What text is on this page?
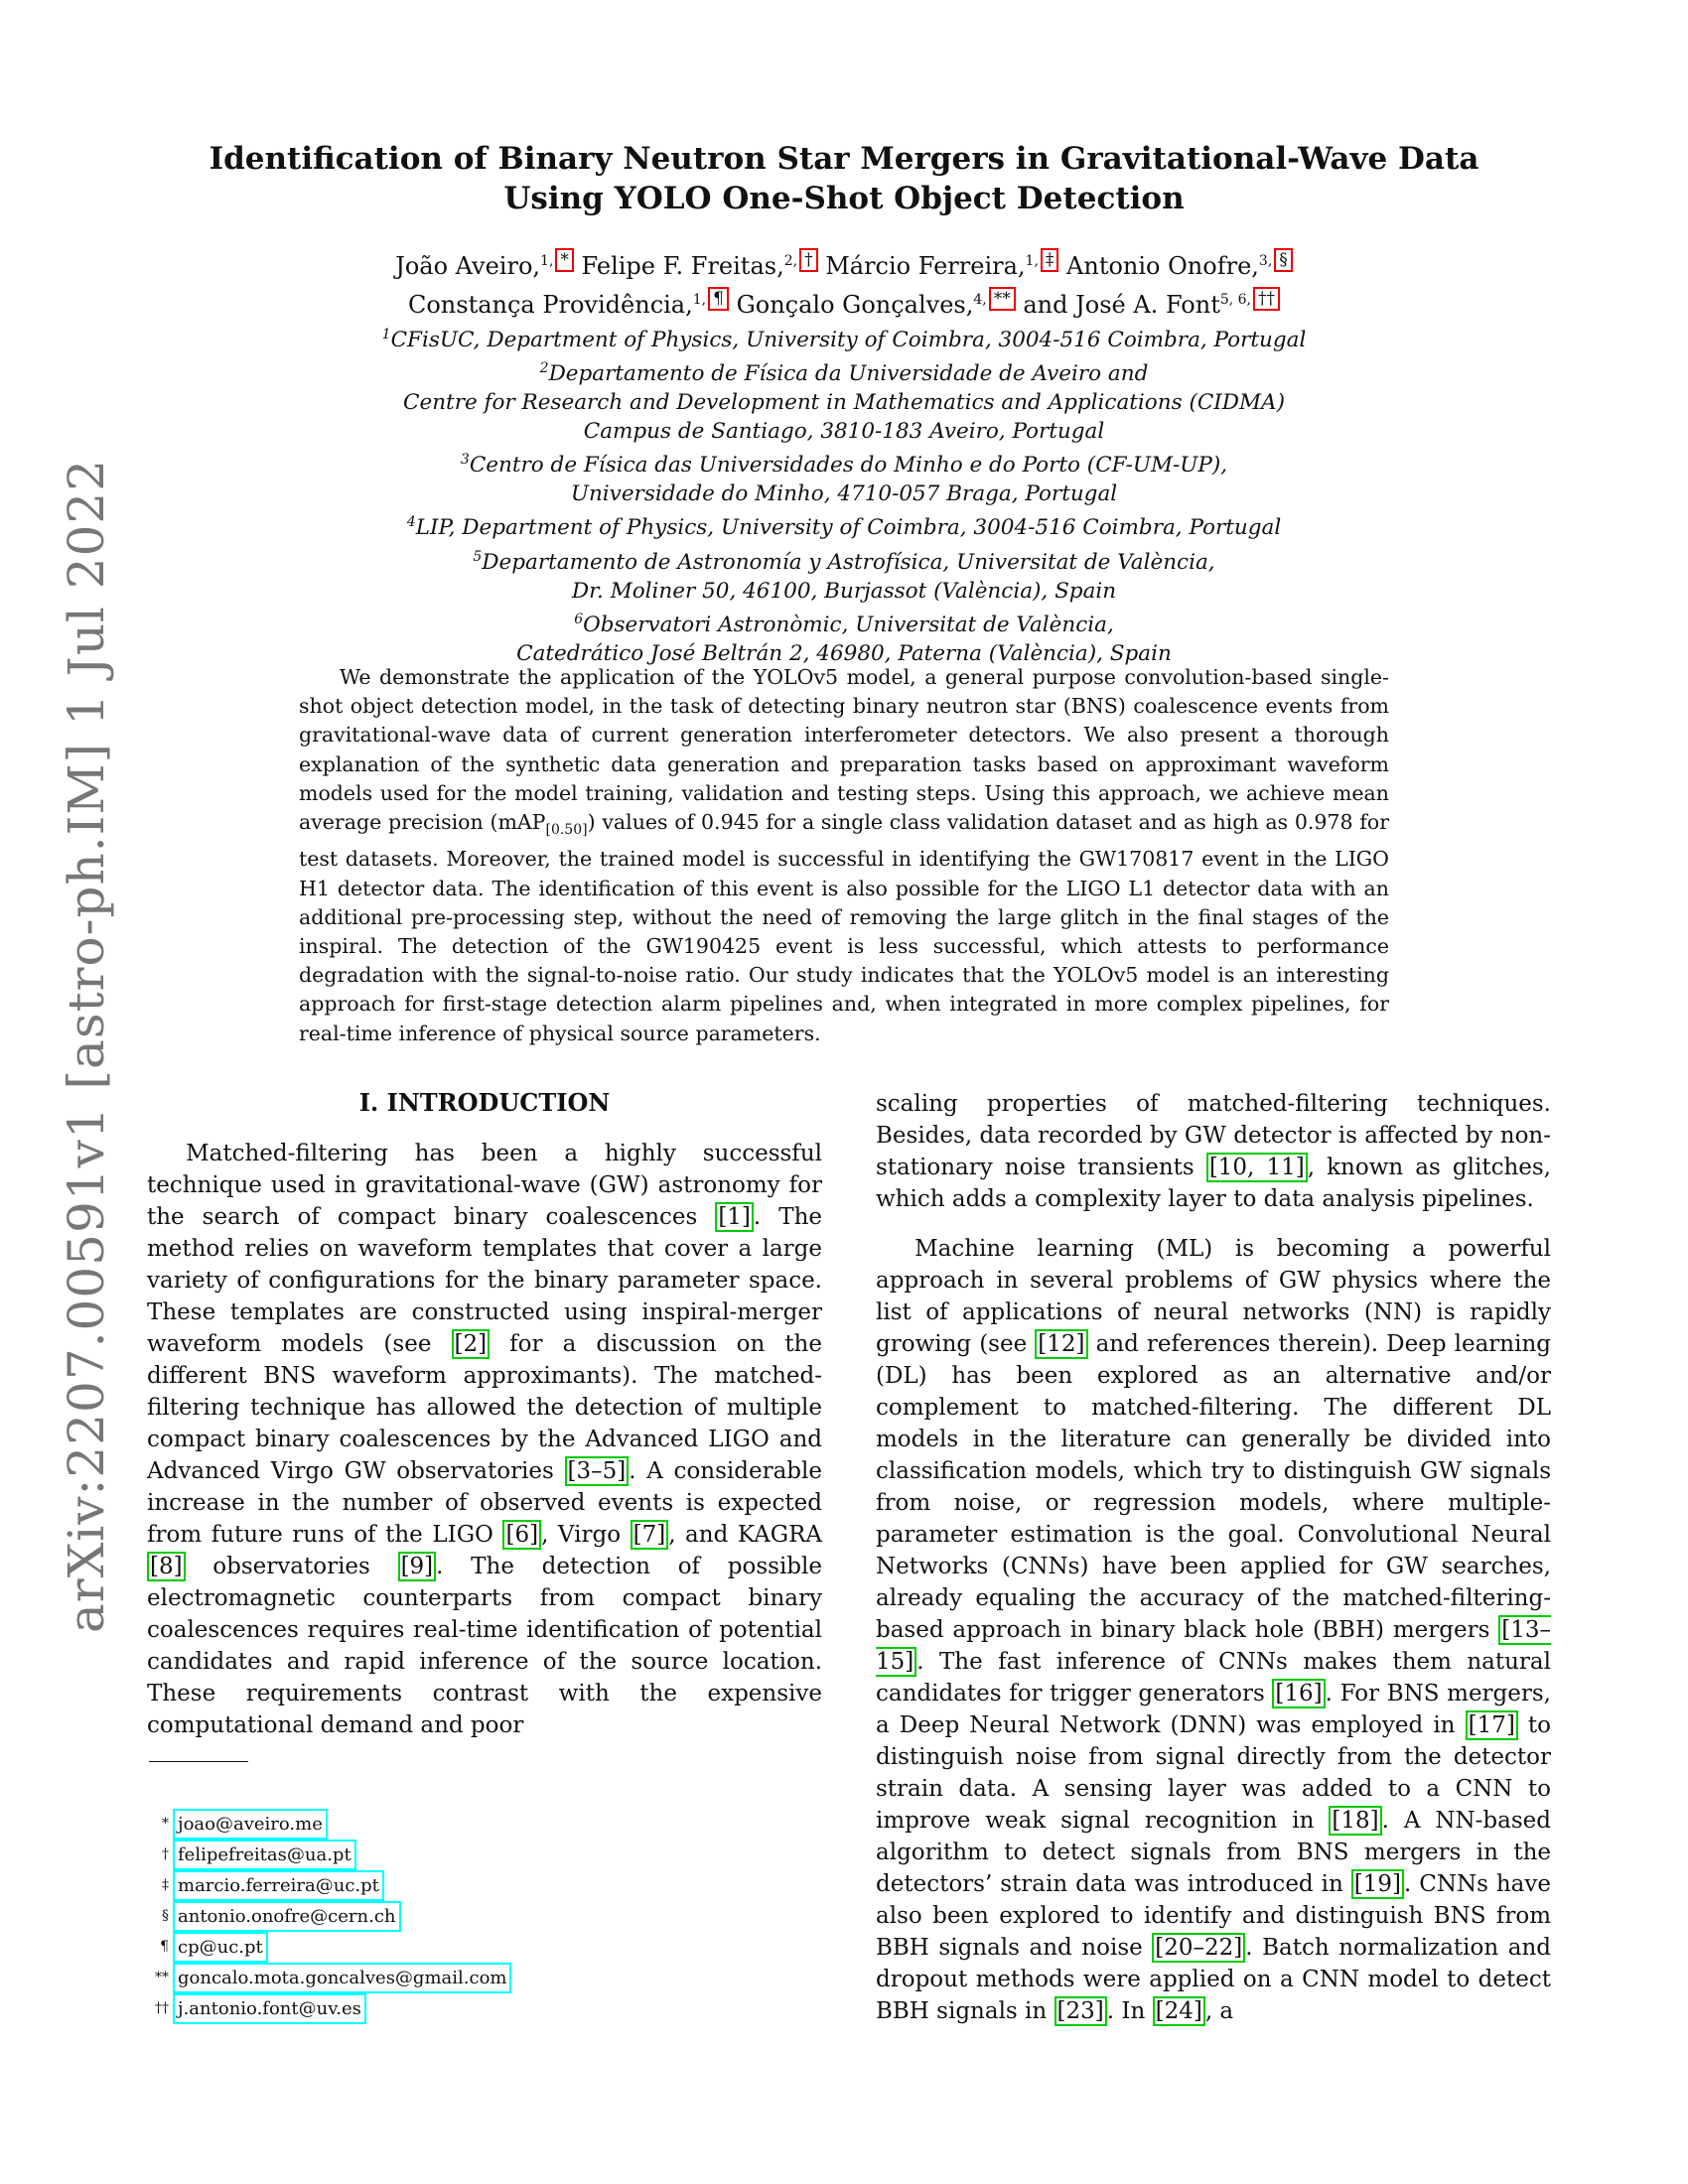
arXiv:2207.00591v1 [astro-ph.IM] 1 Jul 2022
Identification of Binary Neutron Star Mergers in Gravitational-Wave Data
Using YOLO One-Shot Object Detection
João Aveiro,$^{1,}$ * Felipe F. Freitas,$^{2,}$ † Márcio Ferreira,$^{1,}$ ‡ Antonio Onofre,$^{3,}$ §
Constança Providência,$^{1,}$ ¶ Gonçalo Gonçalves,$^{4,}$ ** and José A. Font$^{5, 6,}$ ††
$^1$CFisUC, Department of Physics, University of Coimbra, 3004-516 Coimbra, Portugal
$^2$Departamento de Física da Universidade de Aveiro and
Centre for Research and Development in Mathematics and Applications (CIDMA)
Campus de Santiago, 3810-183 Aveiro, Portugal
$^3$Centro de Física das Universidades do Minho e do Porto (CF-UM-UP),
Universidade do Minho, 4710-057 Braga, Portugal
$^4$LIP, Department of Physics, University of Coimbra, 3004-516 Coimbra, Portugal
$^5$Departamento de Astronomía y Astrofísica, Universitat de València,
Dr. Moliner 50, 46100, Burjassot (València), Spain
$^6$Observatori Astronòmic, Universitat de València,
Catedrático José Beltrán 2, 46980, Paterna (València), Spain

We demonstrate the application of the YOLOv5 model, a general purpose convolution-based single-shot object detection model, in the task of detecting binary neutron star (BNS) coalescence events from gravitational-wave data of current generation interferometer detectors. We also present a thorough explanation of the synthetic data generation and preparation tasks based on approximant waveform models used for the model training, validation and testing steps. Using this approach, we achieve mean average precision (mAP$_{[0.50]}$) values of 0.945 for a single class validation dataset and as high as 0.978 for test datasets. Moreover, the trained model is successful in identifying the GW170817 event in the LIGO H1 detector data. The identification of this event is also possible for the LIGO L1 detector data with an additional pre-processing step, without the need of removing the large glitch in the final stages of the inspiral. The detection of the GW190425 event is less successful, which attests to performance degradation with the signal-to-noise ratio. Our study indicates that the YOLOv5 model is an interesting approach for first-stage detection alarm pipelines and, when integrated in more complex pipelines, for real-time inference of physical source parameters.

I. INTRODUCTION

Matched-filtering has been a highly successful technique used in gravitational-wave (GW) astronomy for the search of compact binary coalescences [1] . The method relies on waveform templates that cover a large variety of configurations for the binary parameter space. These templates are constructed using inspiral-merger waveform models (see [2] for a discussion on the different BNS waveform approximants). The matched-filtering technique has allowed the detection of multiple compact binary coalescences by the Advanced LIGO and Advanced Virgo GW observatories [3–5] . A considerable increase in the number of observed events is expected from future runs of the LIGO [6] , Virgo [7] , and KAGRA [8] observatories [9] . The detection of possible electromagnetic counterparts from compact binary coalescences requires real-time identification of potential candidates and rapid inference of the source location. These requirements contrast with the expensive computational demand and poor

scaling properties of matched-filtering techniques. Besides, data recorded by GW detector is affected by non-stationary noise transients [10, 11] , known as glitches, which adds a complexity layer to data analysis pipelines.

Machine learning (ML) is becoming a powerful approach in several problems of GW physics where the list of applications of neural networks (NN) is rapidly growing (see [12] and references therein). Deep learning (DL) has been explored as an alternative and/or complement to matched-filtering. The different DL models in the literature can generally be divided into classification models, which try to distinguish GW signals from noise, or regression models, where multiple-parameter estimation is the goal. Convolutional Neural Networks (CNNs) have been applied for GW searches, already equaling the accuracy of the matched-filtering-based approach in binary black hole (BBH) mergers [13–15] . The fast inference of CNNs makes them natural candidates for trigger generators [16] . For BNS mergers, a Deep Neural Network (DNN) was employed in [17] to distinguish noise from signal directly from the detector strain data. A sensing layer was added to a CNN to improve weak signal recognition in [18] . A NN-based algorithm to detect signals from BNS mergers in the detectors’ strain data was introduced in [19] . CNNs have also been explored to identify and distinguish BNS from BBH signals and noise [20–22] . Batch normalization and dropout methods were applied on a CNN model to detect BBH signals in [23] . In [24] , a

* joao@aveiro.me
† felipefreitas@ua.pt
‡ marcio.ferreira@uc.pt
§ antonio.onofre@cern.ch
¶ cp@uc.pt
** goncalo.mota.goncalves@gmail.com
†† j.antonio.font@uv.es
